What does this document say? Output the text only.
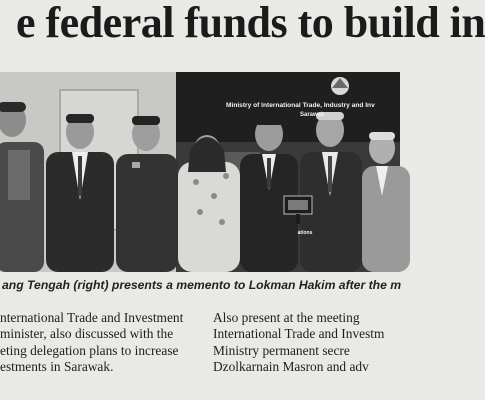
e federal funds to build in
Ministry of International Trade, Industry and Inv
Sarawak
ations
ang Tengah (right) presents a memento to Lokman Hakim after the m
nternational Trade and Investment
minister, also discussed with the
eting delegation plans to increase
estments in Sarawak.
Also present at the meeting
International Trade and Investm
Ministry permanent secre
Dzolkarnain Masron and adv
